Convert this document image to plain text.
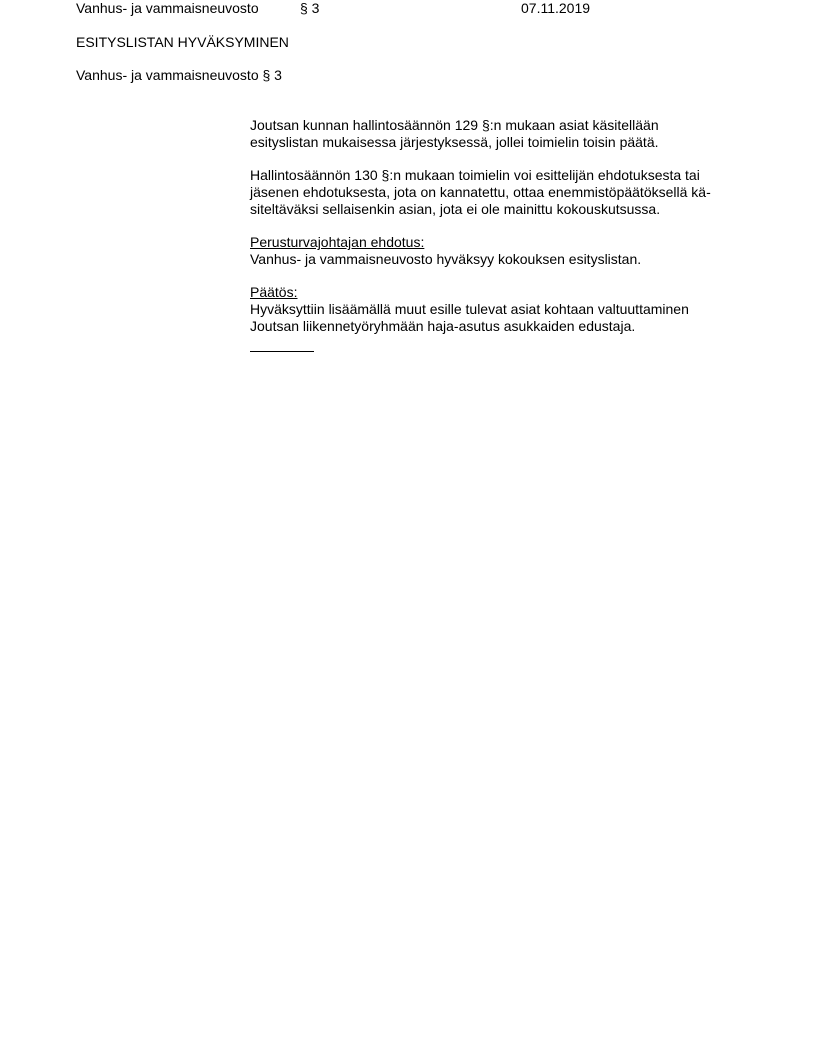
Vanhus- ja vammaisneuvosto	§ 3	07.11.2019
ESITYSLISTAN HYVÄKSYMINEN
Vanhus- ja vammaisneuvosto § 3
Joutsan kunnan hallintosäännön 129 §:n mukaan asiat käsitellään
esityslistan mukaisessa järjestyksessä, jollei toimielin toisin päätä.
Hallintosäännön 130 §:n mukaan toimielin voi esittelijän ehdotuksesta tai
jäsenen ehdotuksesta, jota on kannatettu, ottaa enemmistöpäätöksellä kä-
siteltäväksi sellaisenkin asian, jota ei ole mainittu kokouskutsussa.
Perusturvajohtajan ehdotus:
Vanhus- ja vammaisneuvosto hyväksyy kokouksen esityslistan.
Päätös:
Hyväksyttiin lisäämällä muut esille tulevat asiat kohtaan valtuuttaminen
Joutsan liikennetyöryhmään haja-asutus asukkaiden edustaja.
